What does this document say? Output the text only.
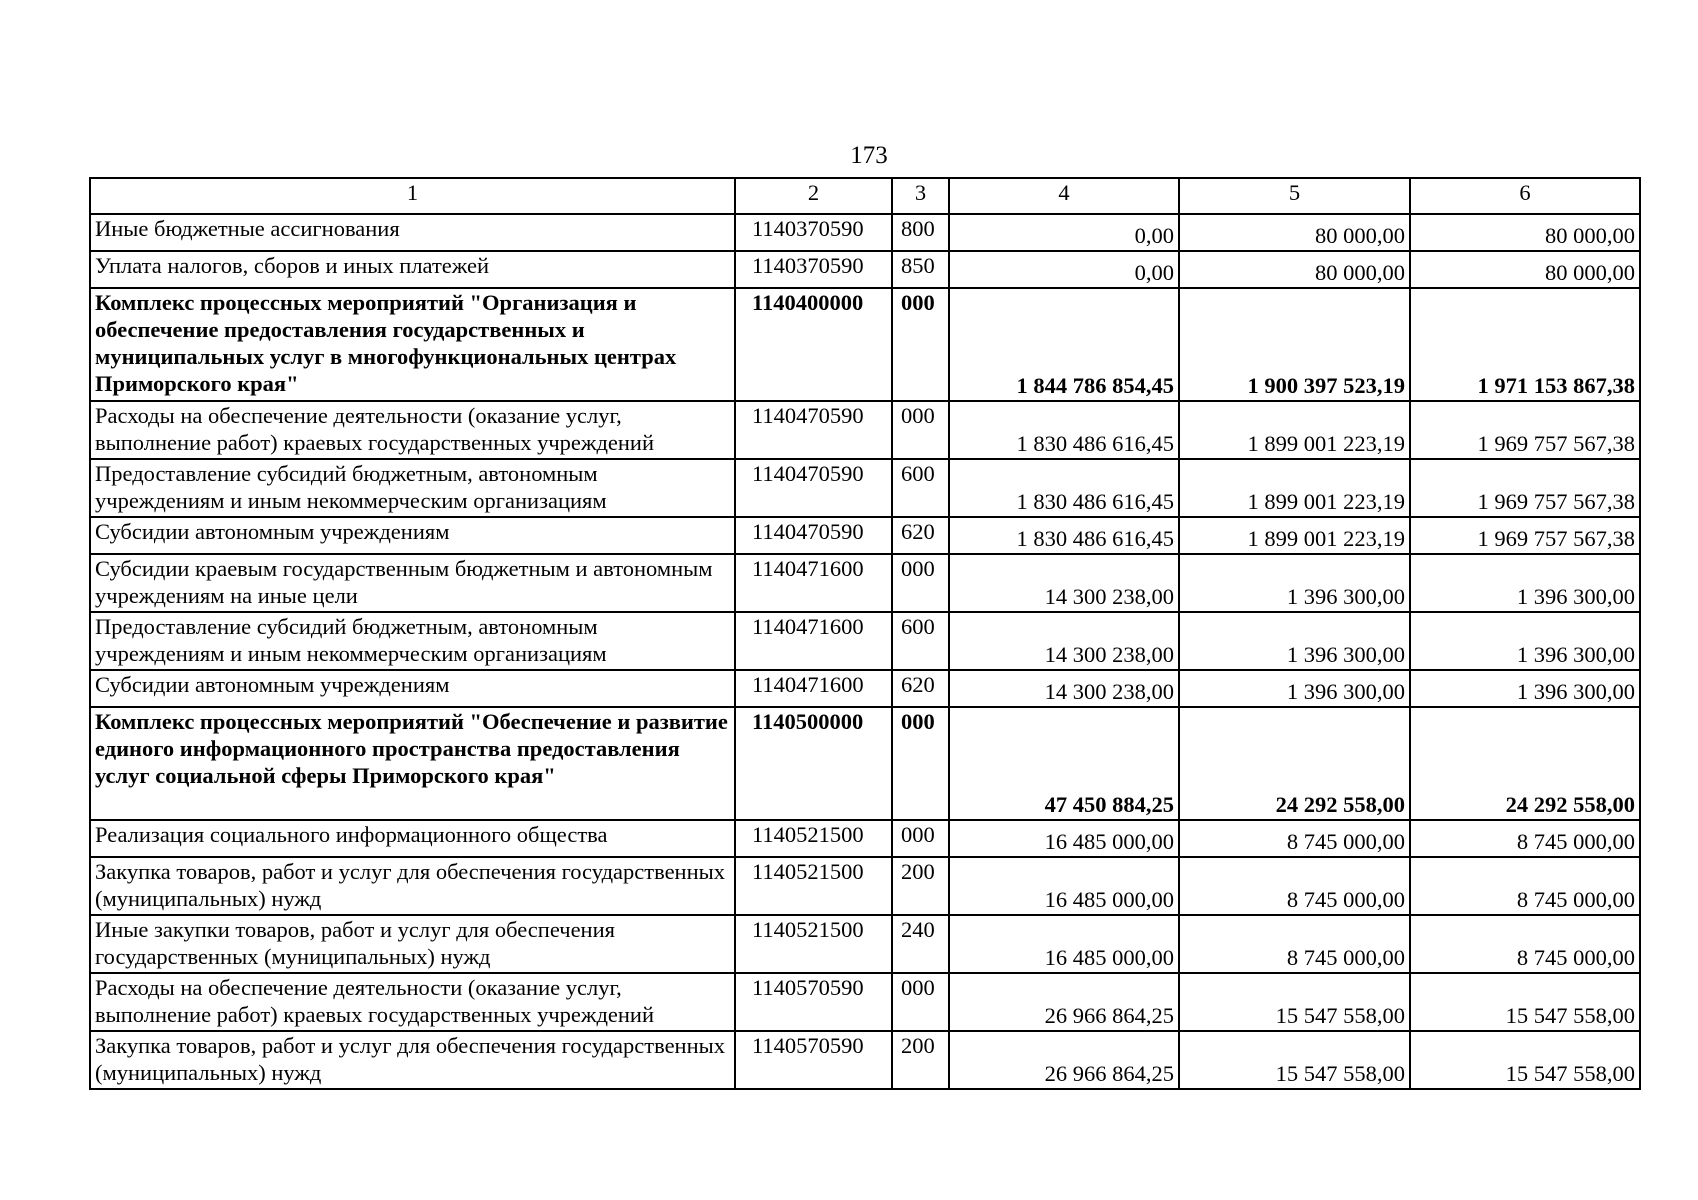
173
1	2	3	4	5	6
Иные бюджетные ассигнования	1140370590	800	0,00	80 000,00	80 000,00
Уплата налогов, сборов и иных платежей	1140370590	850	0,00	80 000,00	80 000,00
Комплекс процессных мероприятий "Организация и обеспечение предоставления государственных и муниципальных услуг в многофункциональных центрах Приморского края"	1140400000	000	1 844 786 854,45	1 900 397 523,19	1 971 153 867,38
Расходы на обеспечение деятельности (оказание услуг, выполнение работ) краевых государственных учреждений	1140470590	000	1 830 486 616,45	1 899 001 223,19	1 969 757 567,38
Предоставление субсидий бюджетным, автономным учреждениям и иным некоммерческим организациям	1140470590	600	1 830 486 616,45	1 899 001 223,19	1 969 757 567,38
Субсидии автономным учреждениям	1140470590	620	1 830 486 616,45	1 899 001 223,19	1 969 757 567,38
Субсидии краевым государственным бюджетным и автономным учреждениям на иные цели	1140471600	000	14 300 238,00	1 396 300,00	1 396 300,00
Предоставление субсидий бюджетным, автономным учреждениям и иным некоммерческим организациям	1140471600	600	14 300 238,00	1 396 300,00	1 396 300,00
Субсидии автономным учреждениям	1140471600	620	14 300 238,00	1 396 300,00	1 396 300,00
Комплекс процессных мероприятий "Обеспечение и развитие единого информационного пространства предоставления услуг социальной сферы Приморского края"	1140500000	000	47 450 884,25	24 292 558,00	24 292 558,00
Реализация социального информационного общества	1140521500	000	16 485 000,00	8 745 000,00	8 745 000,00
Закупка товаров, работ и услуг для обеспечения государственных (муниципальных) нужд	1140521500	200	16 485 000,00	8 745 000,00	8 745 000,00
Иные закупки товаров, работ и услуг для обеспечения государственных (муниципальных) нужд	1140521500	240	16 485 000,00	8 745 000,00	8 745 000,00
Расходы на обеспечение деятельности (оказание услуг, выполнение работ) краевых государственных учреждений	1140570590	000	26 966 864,25	15 547 558,00	15 547 558,00
Закупка товаров, работ и услуг для обеспечения государственных (муниципальных) нужд	1140570590	200	26 966 864,25	15 547 558,00	15 547 558,00
